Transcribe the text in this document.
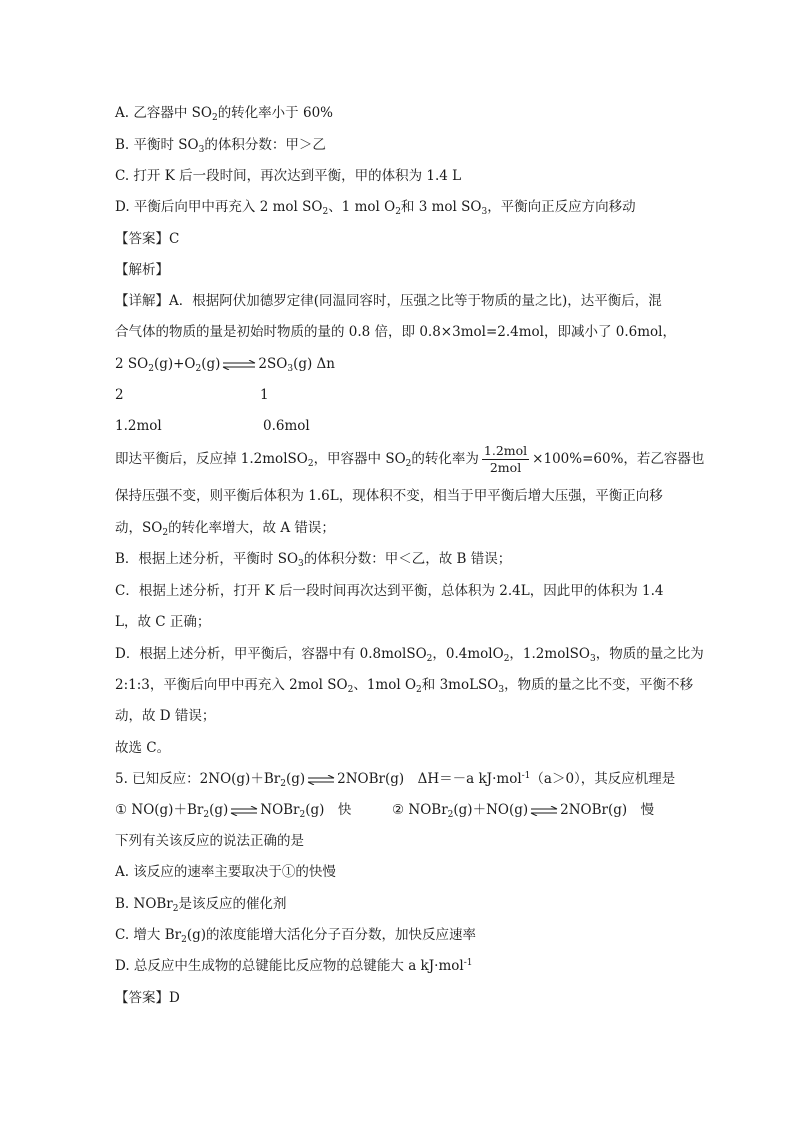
A. 乙容器中 $SO_2$的转化率小于 60%
B. 平衡时 $SO_3$的体积分数：甲＞乙
C. 打开 K 后一段时间，再次达到平衡，甲的体积为 1.4 L
D. 平衡后向甲中再充入 2 mol $SO_2$、1 mol $O_2$和 3 mol $SO_3$，平衡向正反应方向移动
【答案】C
【解析】
【详解】A．根据阿伏加德罗定律(同温同容时，压强之比等于物质的量之比)，达平衡后，混
合气体的物质的量是初始时物质的量的 0.8 倍，即 0.8×3mol=2.4mol，即减小了 0.6mol，
2 $SO_2(g)+O_2(g)$ ⇌ $2SO_3(g)$ Δn
2	1
1.2mol	0.6mol
即达平衡后，反应掉 1.2molSO$_2$，甲容器中 $SO_2$的转化率为 $\frac{\text{1.2mol}}{\text{2mol}} \times 100\%=60\%$，若乙容器也
保持压强不变，则平衡后体积为 1.6L，现体积不变，相当于甲平衡后增大压强，平衡正向移
动，$SO_2$的转化率增大，故 A 错误；
B．根据上述分析，平衡时 $SO_3$的体积分数：甲＜乙，故 B 错误；
C．根据上述分析，打开 K 后一段时间再次达到平衡，总体积为 2.4L，因此甲的体积为 1.4
L，故 C 正确；
D．根据上述分析，甲平衡后，容器中有 0.8molSO$_2$，0.4molO$_2$，1.2molSO$_3$，物质的量之比为
2:1:3，平衡后向甲中再充入 2mol $SO_2$、1mol $O_2$和 3moLSO$_3$，物质的量之比不变，平衡不移
动，故 D 错误；
故选 C。
5. 已知反应：$2NO(g)+Br_2(g)$ ⇌ 2NOBr(g)　ΔH＝－a kJ·mol$^{-1}$（a＞0），其反应机理是
① $NO(g)+Br_2(g)$ ⇌ NOBr$_2$(g)　快	② NOBr$_2$(g)＋NO(g) ⇌ 2NOBr(g)　慢
下列有关该反应的说法正确的是
A. 该反应的速率主要取决于①的快慢
B. NOBr$_2$是该反应的催化剂
C. 增大 $Br_2(g)$的浓度能增大活化分子百分数，加快反应速率
D. 总反应中生成物的总键能比反应物的总键能大 a kJ·mol$^{-1}$
【答案】D
